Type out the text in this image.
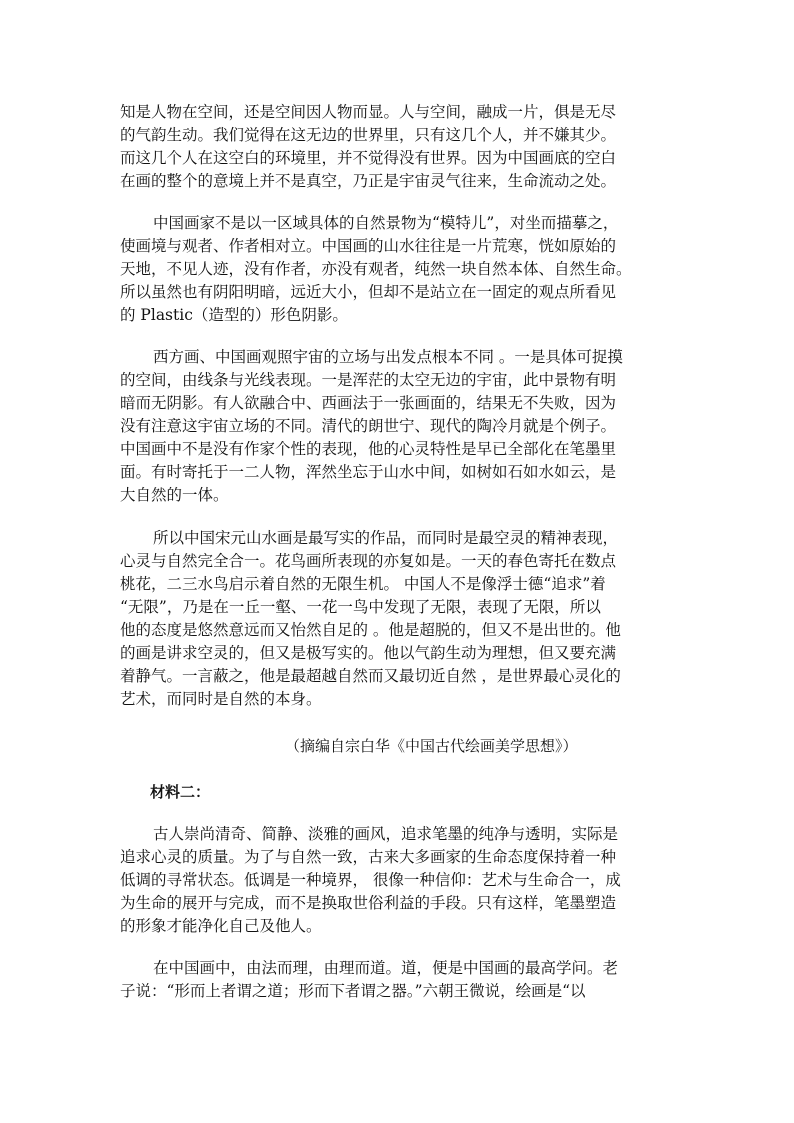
知是人物在空间，还是空间因人物而显。人与空间，融成一片，俱是无尽
的气韵生动。我们觉得在这无边的世界里，只有这几个人，并不嫌其少。
而这几个人在这空白的环境里，并不觉得没有世界。因为中国画底的空白
在画的整个的意境上并不是真空，乃正是宇宙灵气往来，生命流动之处。
中国画家不是以一区域具体的自然景物为“模特儿”，对坐而描摹之，
使画境与观者、作者相对立。中国画的山水往往是一片荒寒，恍如原始的
天地，不见人迹，没有作者，亦没有观者，纯然一块自然本体、自然生命。
所以虽然也有阴阳明暗，远近大小，但却不是站立在一固定的观点所看见
的 Plastic（造型的）形色阴影。
西方画、中国画观照宇宙的立场与出发点根本不同 。一是具体可捉摸
的空间，由线条与光线表现。一是浑茫的太空无边的宇宙，此中景物有明
暗而无阴影。有人欲融合中、西画法于一张画面的，结果无不失败，因为
没有注意这宇宙立场的不同。清代的朗世宁、现代的陶冷月就是个例子。
中国画中不是没有作家个性的表现，他的心灵特性是早已全部化在笔墨里
面。有时寄托于一二人物，浑然坐忘于山水中间，如树如石如水如云，是
大自然的一体。
所以中国宋元山水画是最写实的作品，而同时是最空灵的精神表现，
心灵与自然完全合一。花鸟画所表现的亦复如是。一天的春色寄托在数点
桃花，二三水鸟启示着自然的无限生机。 中国人不是像浮士德“追求”着
“无限”，乃是在一丘一壑、一花一鸟中发现了无限，表现了无限，所以
他的态度是悠然意远而又怡然自足的 。他是超脱的，但又不是出世的。他
的画是讲求空灵的，但又是极写实的。他以气韵生动为理想，但又要充满
着静气。一言蔽之，他是最超越自然而又最切近自然 ，是世界最心灵化的
艺术，而同时是自然的本身。
（摘编自宗白华《中国古代绘画美学思想》）
材料二：
古人崇尚清奇、简静、淡雅的画风，追求笔墨的纯净与透明，实际是
追求心灵的质量。为了与自然一致，古来大多画家的生命态度保持着一种
低调的寻常状态。低调是一种境界， 很像一种信仰：艺术与生命合一，成
为生命的展开与完成，而不是换取世俗利益的手段。只有这样，笔墨塑造
的形象才能净化自己及他人。
在中国画中，由法而理，由理而道。道，便是中国画的最高学问。老
子说：“形而上者谓之道；形而下者谓之器。”六朝王微说，绘画是“以
